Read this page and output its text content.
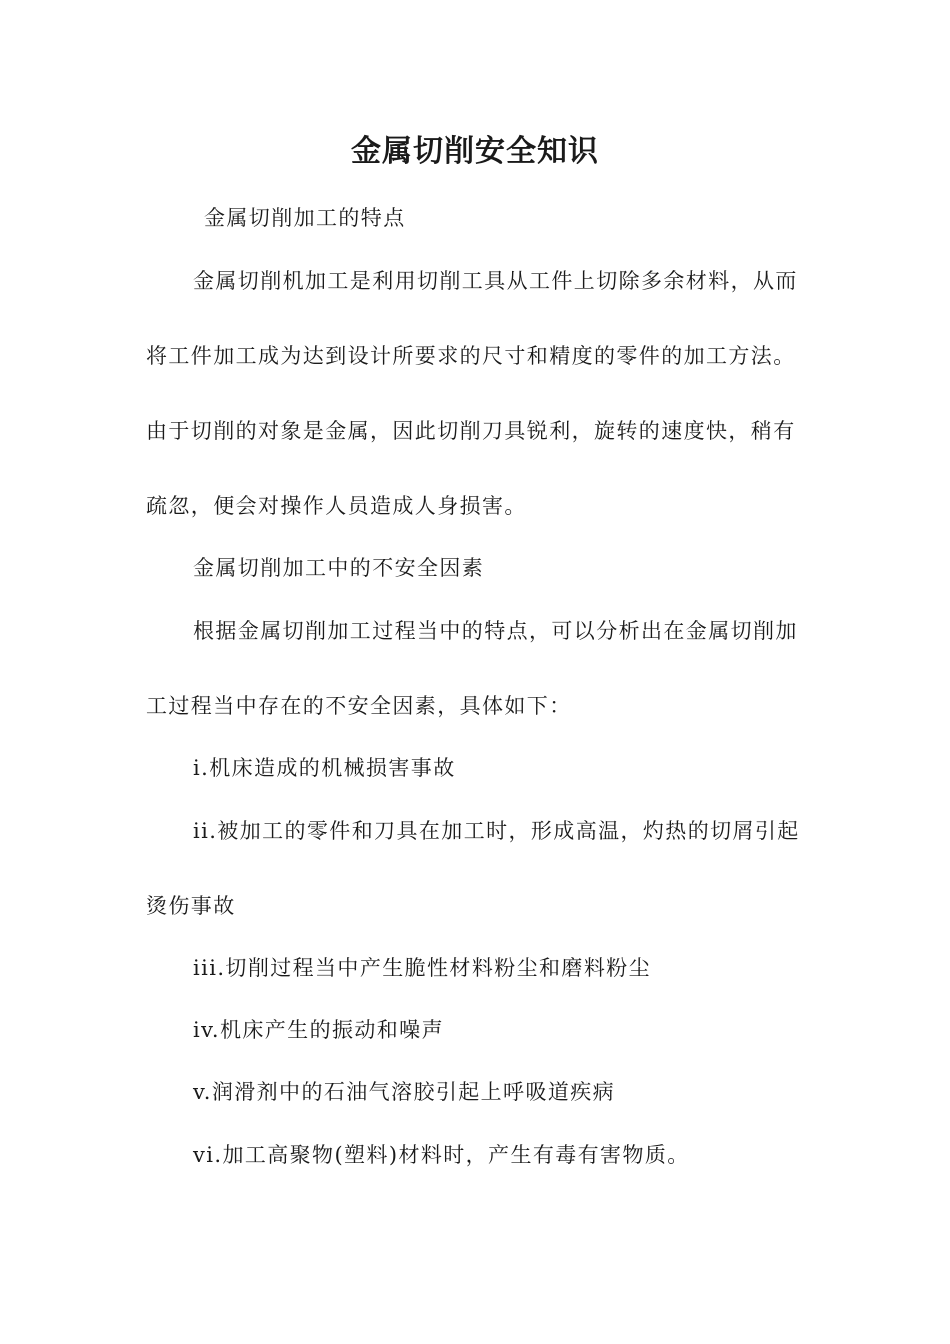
金属切削安全知识

金属切削加工的特点

金属切削机加工是利用切削工具从工件上切除多余材料，从而

将工件加工成为达到设计所要求的尺寸和精度的零件的加工方法。

由于切削的对象是金属，因此切削刀具锐利，旋转的速度快，稍有

疏忽，便会对操作人员造成人身损害。

金属切削加工中的不安全因素

根据金属切削加工过程当中的特点，可以分析出在金属切削加

工过程当中存在的不安全因素，具体如下：

i.机床造成的机械损害事故

ii.被加工的零件和刀具在加工时，形成高温，灼热的切屑引起

烫伤事故

iii.切削过程当中产生脆性材料粉尘和磨料粉尘

iv.机床产生的振动和噪声

v.润滑剂中的石油气溶胶引起上呼吸道疾病

vi.加工高聚物(塑料)材料时，产生有毒有害物质。
